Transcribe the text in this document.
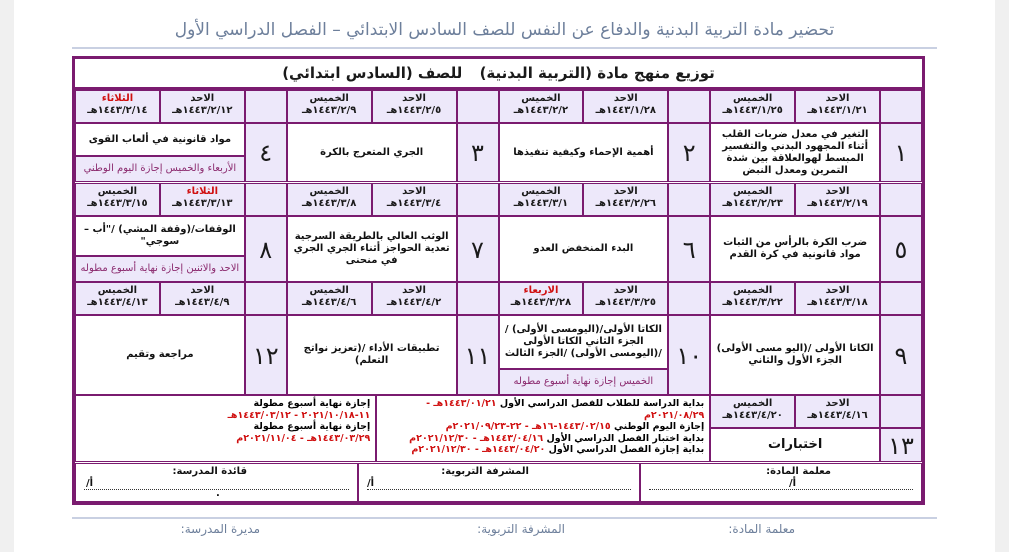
تحضير مادة التربية البدنية والدفاع عن النفس للصف السادس الابتدائي – الفصل الدراسي الأول
توزيع منهج مادة (التربية البدنية) للصف (السادس ابتدائي)
الاحد
١٤٤٣/١/٢١هـ
الخميس
١٤٤٣/١/٢٥هـ
١
التغير في معدل ضربات القلب أثناء المجهود البدني والتفسير المبسط لهوالعلاقة بين شدة التمرين ومعدل النبض
الاحد
١٤٤٣/١/٢٨هـ
الخميس
١٤٤٣/٢/٢هـ
٢
أهمية الإحماء وكيفية تنفيذها
الاحد
١٤٤٣/٢/٥هـ
الخميس
١٤٤٣/٢/٩هـ
٣
الجري المتعرج بالكرة
الاحد
١٤٤٣/٢/١٢هـ
الثلاثاء
١٤٤٣/٢/١٤هـ
٤
مواد قانونية في ألعاب القوى
الأربعاء والخميس إجازة اليوم الوطني
الاحد
١٤٤٣/٢/١٩هـ
الخميس
١٤٤٣/٢/٢٣هـ
٥
ضرب الكرة بالرأس من الثبات مواد قانونية في كرة القدم
الاحد
١٤٤٣/٢/٢٦هـ
الخميس
١٤٤٣/٣/١هـ
٦
البدء المنخفض العدو
الاحد
١٤٤٣/٣/٤هـ
الخميس
١٤٤٣/٣/٨هـ
٧
الوثب العالي بالطريقة السرجية تعدية الحواجز أثناء الجري الجري في منحنى
الثلاثاء
١٤٤٣/٣/١٣هـ
الخميس
١٤٤٣/٣/١٥هـ
٨
الوقفات/(وقفة المشي) /"أب – سوجي"
الاحد والاثنين إجازة نهاية أسبوع مطوله
الاحد
١٤٤٣/٣/١٨هـ
الخميس
١٤٤٣/٣/٢٢هـ
٩
الكاتا الأولى /(اليو مسى الأولى) الجزء الأول والثاني
الاحد
١٤٤٣/٣/٢٥هـ
الاربعاء
١٤٤٣/٣/٢٨هـ
١٠
الكاتا الأولى/(اليومسى الأولى) /الجزء الثاني الكاتا الأولى /(اليومسى الأولى) /الجزء الثالث
الخميس إجازة نهاية أسبوع مطوله
الاحد
١٤٤٣/٤/٢هـ
الخميس
١٤٤٣/٤/٦هـ
١١
تطبيقات الأداء /(تعزيز نواتج التعلم)
الاحد
١٤٤٣/٤/٩هـ
الخميس
١٤٤٣/٤/١٣هـ
١٢
مراجعة وتقيم
الاحد
١٤٤٣/٤/١٦هـ
الخميس
١٤٤٣/٤/٢٠هـ
١٣
اختبارات
بداية الدراسة للطلاب للفصل الدراسي الأول ١٤٤٣/٠١/٢١هـ - ٢٠٢١/٠٨/٢٩م
إجازة اليوم الوطني ١٤٤٣/٠٢/١٥-١٦هـ - ٢٢-٢٠٢١/٠٩/٢٣م
بداية اختبار الفصل الدراسي الأول ١٤٤٣/٠٤/١٦هـ - ٢٠٢١/١٢/٣٠م
بداية إجازة الفصل الدراسي الأول ١٤٤٣/٠٤/٢٠هـ - ٢٠٢١/١٢/٣٠م
إجازة نهاية أسبوع مطولة
١١-٢٠٢١/١٠/١٨ - ١٤٤٣/٠٣/١٢هـ
إجازة نهاية أسبوع مطولة
١٤٤٣/٠٣/٢٩هـ - ٢٠٢١/١١/٠٤م
معلمة المادة:
أ/
المشرفة التربوية:
أ/
قائدة المدرسة:
أ/
.
معلمة المادة:
المشرفة التربوية:
مديرة المدرسة:
